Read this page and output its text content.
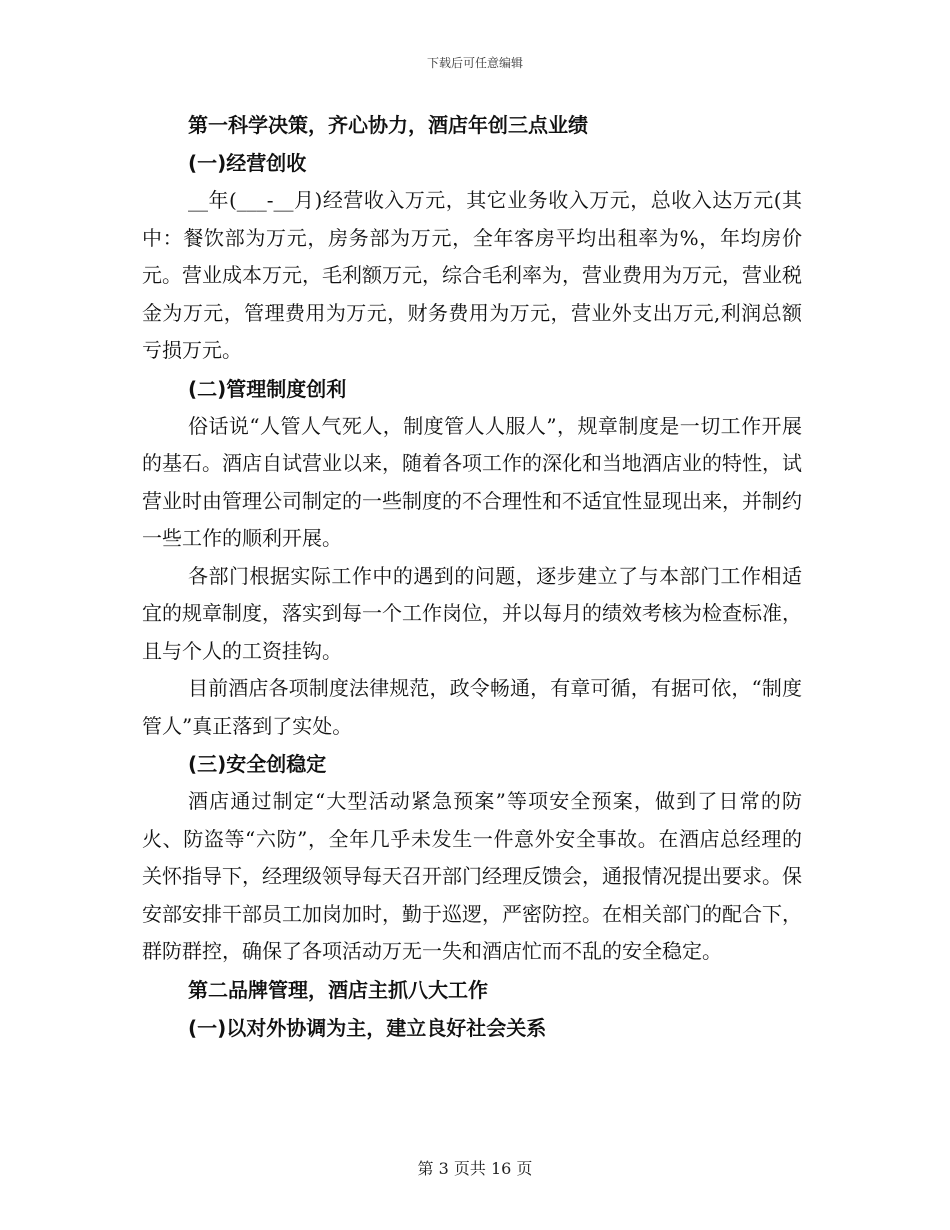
下载后可任意编辑

第一科学决策，齐心协力，酒店年创三点业绩

(一)经营创收

__年(___-__月)经营收入万元，其它业务收入万元，总收入达万元(其中：餐饮部为万元，房务部为万元，全年客房平均出租率为%，年均房价元。营业成本万元，毛利额万元，综合毛利率为，营业费用为万元，营业税金为万元，管理费用为万元，财务费用为万元，营业外支出万元,利润总额亏损万元。

(二)管理制度创利

俗话说“人管人气死人，制度管人人服人”，规章制度是一切工作开展的基石。酒店自试营业以来，随着各项工作的深化和当地酒店业的特性，试营业时由管理公司制定的一些制度的不合理性和不适宜性显现出来，并制约一些工作的顺利开展。

各部门根据实际工作中的遇到的问题，逐步建立了与本部门工作相适宜的规章制度，落实到每一个工作岗位，并以每月的绩效考核为检查标准，且与个人的工资挂钩。

目前酒店各项制度法律规范，政令畅通，有章可循，有据可依，“制度管人”真正落到了实处。

(三)安全创稳定

酒店通过制定“大型活动紧急预案”等项安全预案，做到了日常的防火、防盗等“六防”，全年几乎未发生一件意外安全事故。在酒店总经理的关怀指导下，经理级领导每天召开部门经理反馈会，通报情况提出要求。保安部安排干部员工加岗加时，勤于巡逻，严密防控。在相关部门的配合下，群防群控，确保了各项活动万无一失和酒店忙而不乱的安全稳定。

第二品牌管理，酒店主抓八大工作

(一)以对外协调为主，建立良好社会关系

第 3 页共 16 页
